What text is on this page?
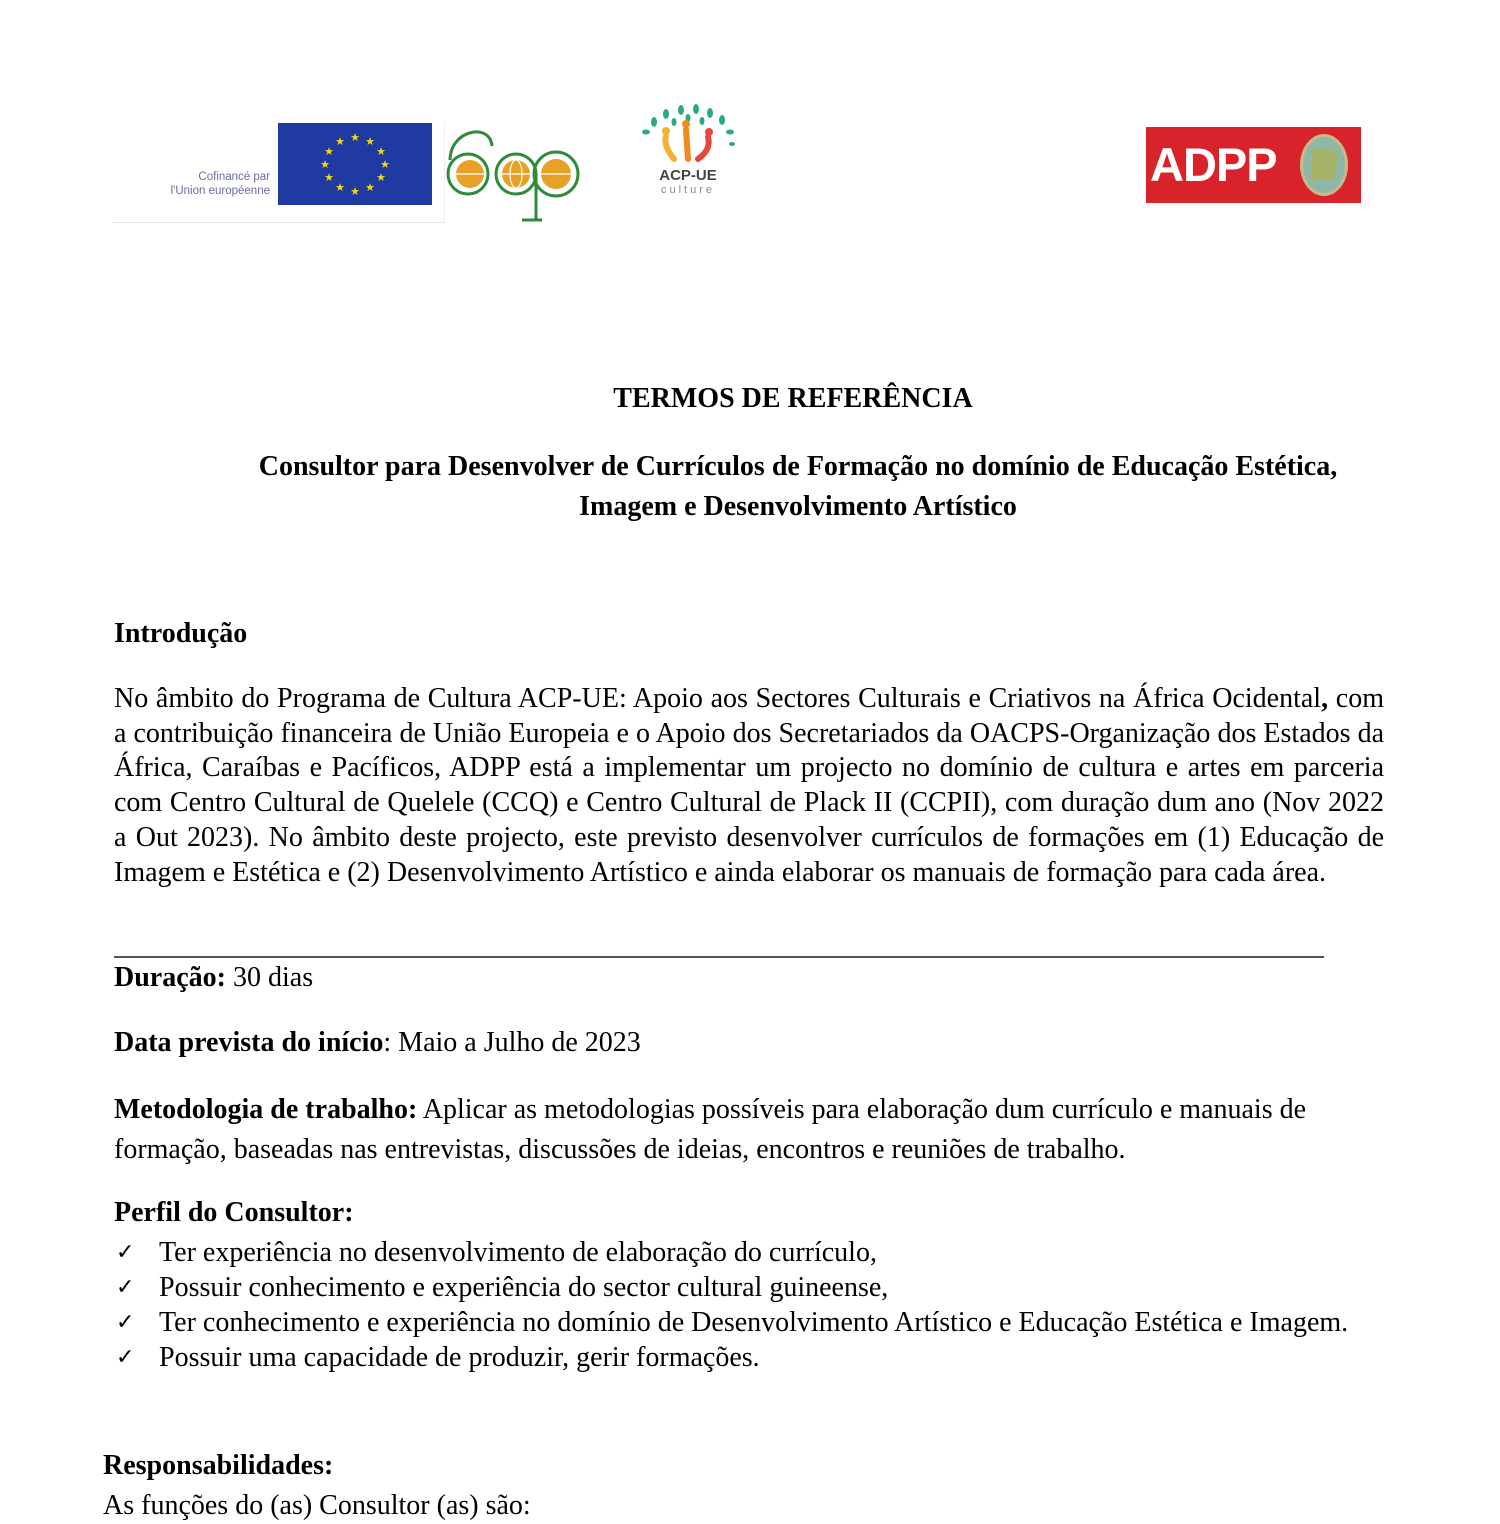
Cofinancé par
l'Union européenne
★ ★
★
★
★
★
★
★
★
★
★
★
ACP-UE
culture	ADPP
TERMOS DE REFERÊNCIA
Consultor para Desenvolver de Currículos de Formação no domínio de Educação Estética,
Imagem e Desenvolvimento Artístico
Introdução
No âmbito do Programa de Cultura ACP-UE: Apoio aos Sectores Culturais e Criativos na África Ocidental, com a contribuição financeira de União Europeia e o Apoio dos Secretariados da OACPS-Organização dos Estados da África, Caraíbas e Pacíficos, ADPP está a implementar um projecto no domínio de cultura e artes em parceria com Centro Cultural de Quelele (CCQ) e Centro Cultural de Plack II (CCPII), com duração dum ano (Nov 2022 a Out 2023). No âmbito deste projecto, este previsto desenvolver currículos de formações em (1) Educação de Imagem e Estética e (2) Desenvolvimento Artístico e ainda elaborar os manuais de formação para cada área.
Duração: 30 dias
Data prevista do início: Maio a Julho de 2023
Metodologia de trabalho: Aplicar as metodologias possíveis para elaboração dum currículo e manuais de formação, baseadas nas entrevistas, discussões de ideias, encontros e reuniões de trabalho.
Perfil do Consultor:
✓ Ter experiência no desenvolvimento de elaboração do currículo,
✓ Possuir conhecimento e experiência do sector cultural guineense,
✓ Ter conhecimento e experiência no domínio de Desenvolvimento Artístico e Educação Estética e Imagem.
✓ Possuir uma capacidade de produzir, gerir formações.
Responsabilidades:
As funções do (as) Consultor (as) são:
